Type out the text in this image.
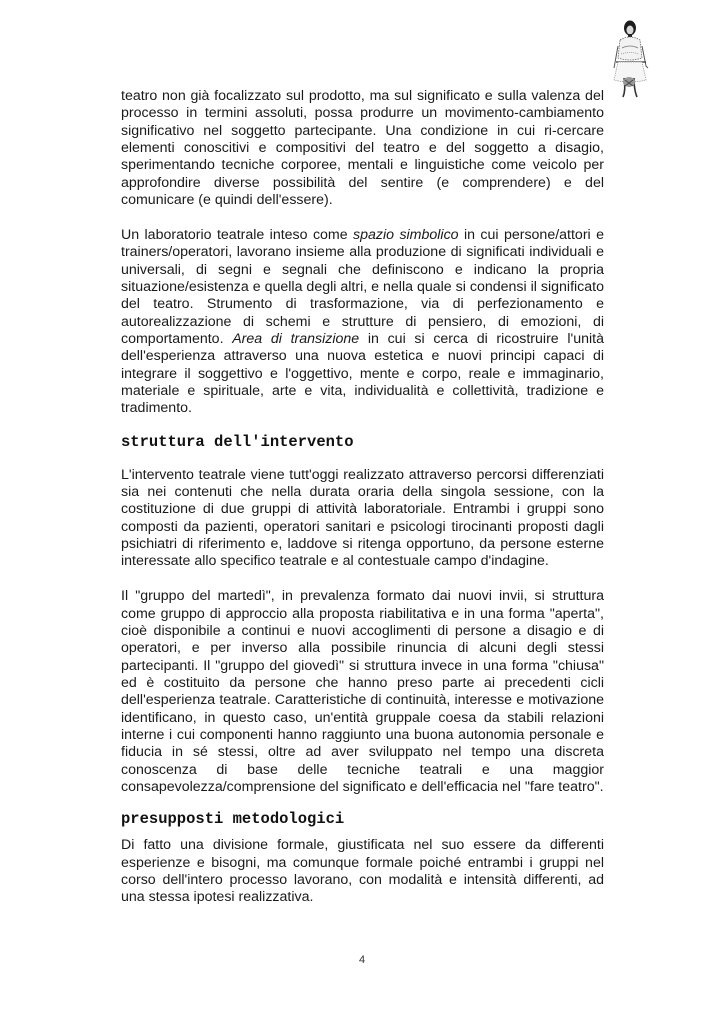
teatro non già focalizzato sul prodotto, ma sul significato e sulla valenza del processo in termini assoluti, possa produrre un movimento-cambiamento significativo nel soggetto partecipante. Una condizione in cui ri-cercare elementi conoscitivi e compositivi del teatro e del soggetto a disagio, sperimentando tecniche corporee, mentali e linguistiche come veicolo per approfondire diverse possibilità del sentire (e comprendere) e del comunicare (e quindi dell'essere).

Un laboratorio teatrale inteso come spazio simbolico in cui persone/attori e trainers/operatori, lavorano insieme alla produzione di significati individuali e universali, di segni e segnali che definiscono e indicano la propria situazione/esistenza e quella degli altri, e nella quale si condensi il significato del teatro. Strumento di trasformazione, via di perfezionamento e autorealizzazione di schemi e strutture di pensiero, di emozioni, di comportamento. Area di transizione in cui si cerca di ricostruire l'unità dell'esperienza attraverso una nuova estetica e nuovi principi capaci di integrare il soggettivo e l'oggettivo, mente e corpo, reale e immaginario, materiale e spirituale, arte e vita, individualità e collettività, tradizione e tradimento.

struttura dell'intervento

L'intervento teatrale viene tutt'oggi realizzato attraverso percorsi differenziati sia nei contenuti che nella durata oraria della singola sessione, con la costituzione di due gruppi di attività laboratoriale. Entrambi i gruppi sono composti da pazienti, operatori sanitari e psicologi tirocinanti proposti dagli psichiatri di riferimento e, laddove si ritenga opportuno, da persone esterne interessate allo specifico teatrale e al contestuale campo d'indagine.

Il "gruppo del martedì", in prevalenza formato dai nuovi invii, si struttura come gruppo di approccio alla proposta riabilitativa e in una forma "aperta", cioè disponibile a continui e nuovi accoglimenti di persone a disagio e di operatori, e per inverso alla possibile rinuncia di alcuni degli stessi partecipanti. Il "gruppo del giovedì" si struttura invece in una forma "chiusa" ed è costituito da persone che hanno preso parte ai precedenti cicli dell'esperienza teatrale. Caratteristiche di continuità, interesse e motivazione identificano, in questo caso, un'entità gruppale coesa da stabili relazioni interne i cui componenti hanno raggiunto una buona autonomia personale e fiducia in sé stessi, oltre ad aver sviluppato nel tempo una discreta conoscenza di base delle tecniche teatrali e una maggior consapevolezza/comprensione del significato e dell'efficacia nel "fare teatro".

presupposti metodologici

Di fatto una divisione formale, giustificata nel suo essere da differenti esperienze e bisogni, ma comunque formale poiché entrambi i gruppi nel corso dell'intero processo lavorano, con modalità e intensità differenti, ad una stessa ipotesi realizzativa.

4
